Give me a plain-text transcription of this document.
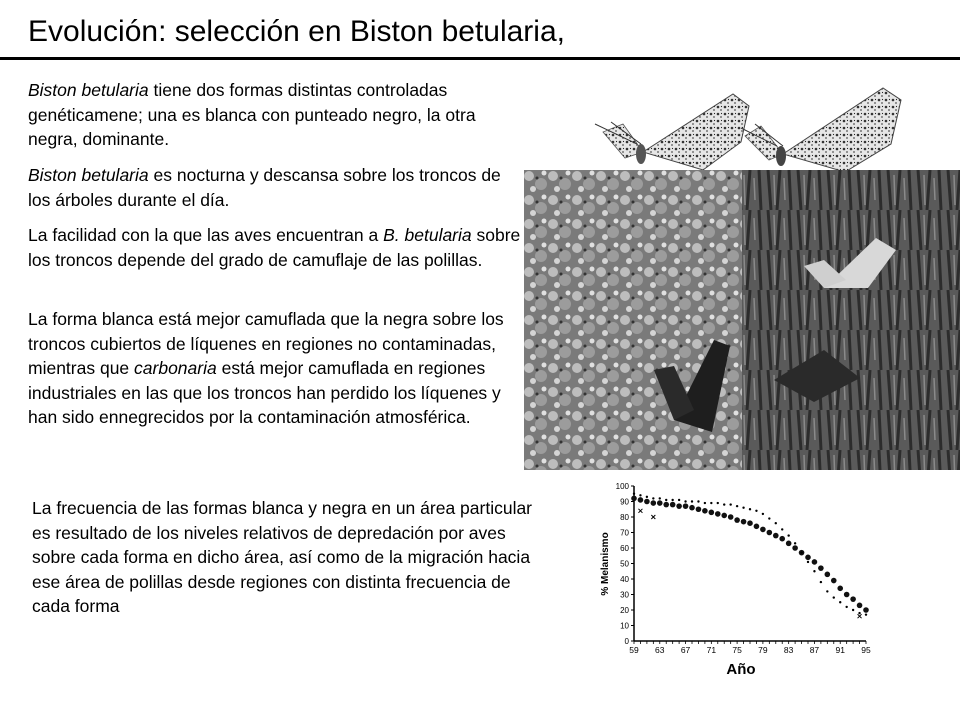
Evolución: selección en Biston betularia,
Biston betularia tiene dos formas distintas controladas genéticamene; una es blanca con punteado negro, la otra negra, dominante.
Biston betularia es nocturna y descansa sobre los troncos de los árboles durante el día.
La facilidad con la que las aves encuentran a B. betularia sobre los troncos depende del grado de camuflaje de las polillas.
La forma blanca está mejor camuflada que la negra sobre los troncos cubiertos de líquenes en regiones no contaminadas, mientras que carbonaria está mejor camuflada en regiones industriales en las que los troncos han perdido los líquenes y han sido ennegrecidos por la contaminación atmosférica.
La frecuencia de las formas blanca y negra en un área particular es resultado de los niveles relativos de depredación por aves sobre cada forma en dicho área, así como de la migración hacia ese área de polillas desde regiones con distinta frecuencia de cada forma
0
10
20
30
40
50
60
70
80
90
100
59 63 67 71 75 79 83 87 91 95
% Melanismo
Año
